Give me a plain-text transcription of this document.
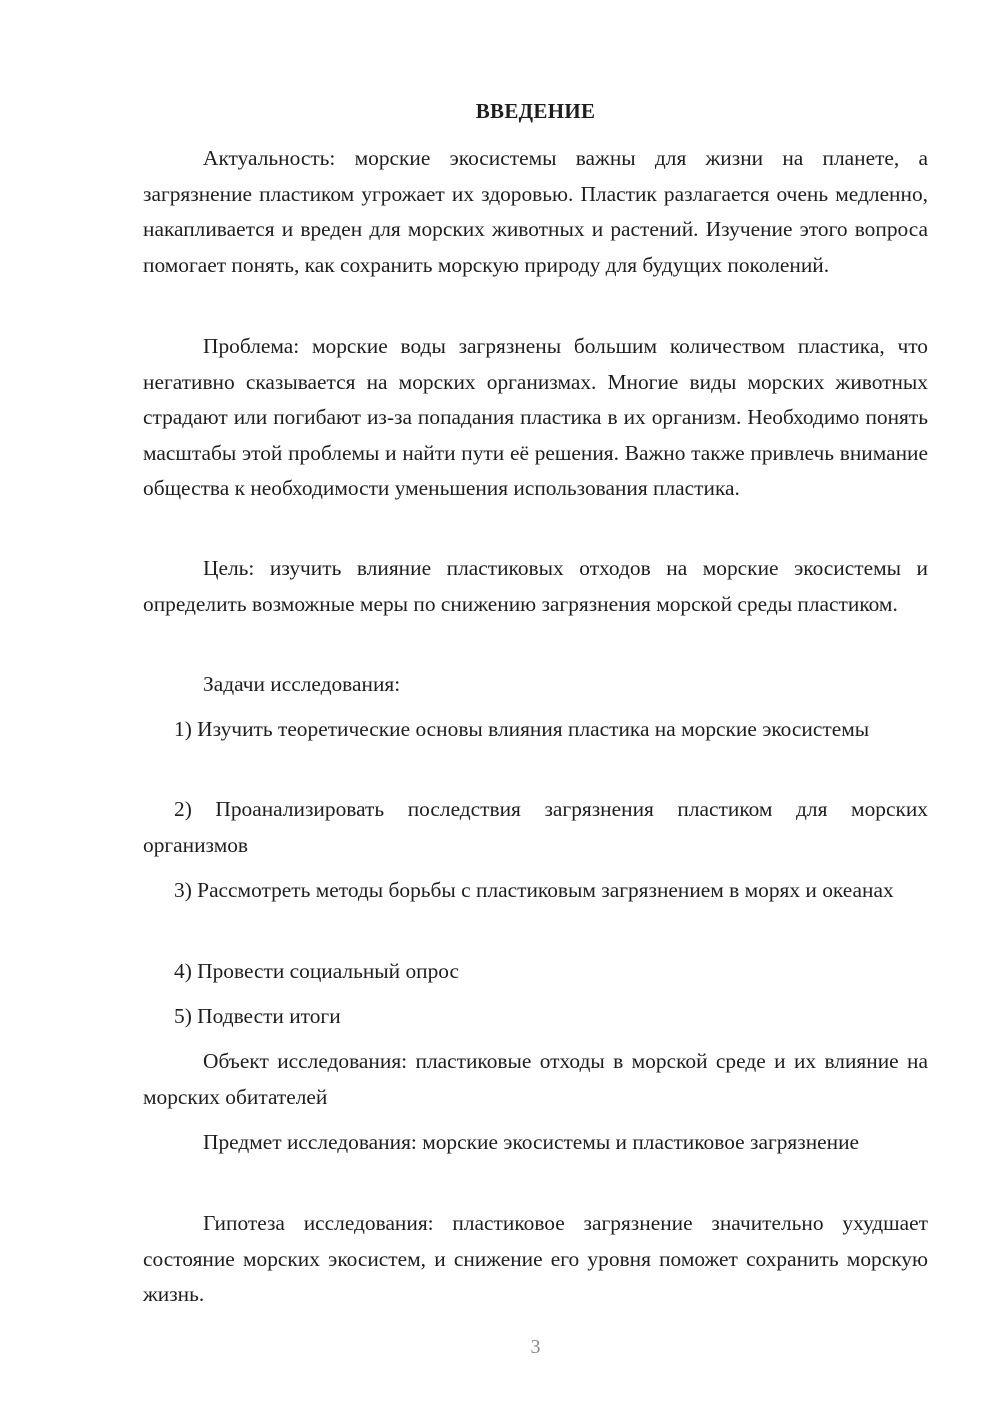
ВВЕДЕНИЕ

Актуальность: морские экосистемы важны для жизни на планете, а загрязнение пластиком угрожает их здоровью. Пластик разлагается очень медленно, накапливается и вреден для морских животных и растений. Изучение этого вопроса помогает понять, как сохранить морскую природу для будущих поколений.

Проблема: морские воды загрязнены большим количеством пластика, что негативно сказывается на морских организмах. Многие виды морских животных страдают или погибают из-за попадания пластика в их организм. Необходимо понять масштабы этой проблемы и найти пути её решения. Важно также привлечь внимание общества к необходимости уменьшения использования пластика.

Цель: изучить влияние пластиковых отходов на морские экосистемы и определить возможные меры по снижению загрязнения морской среды пластиком.

Задачи исследования:

1) Изучить теоретические основы влияния пластика на морские экосистемы

2) Проанализировать последствия загрязнения пластиком для морских организмов

3) Рассмотреть методы борьбы с пластиковым загрязнением в морях и океанах

4) Провести социальный опрос

5) Подвести итоги

Объект исследования: пластиковые отходы в морской среде и их влияние на морских обитателей

Предмет исследования: морские экосистемы и пластиковое загрязнение

Гипотеза исследования: пластиковое загрязнение значительно ухудшает состояние морских экосистем, и снижение его уровня поможет сохранить морскую жизнь.

3
